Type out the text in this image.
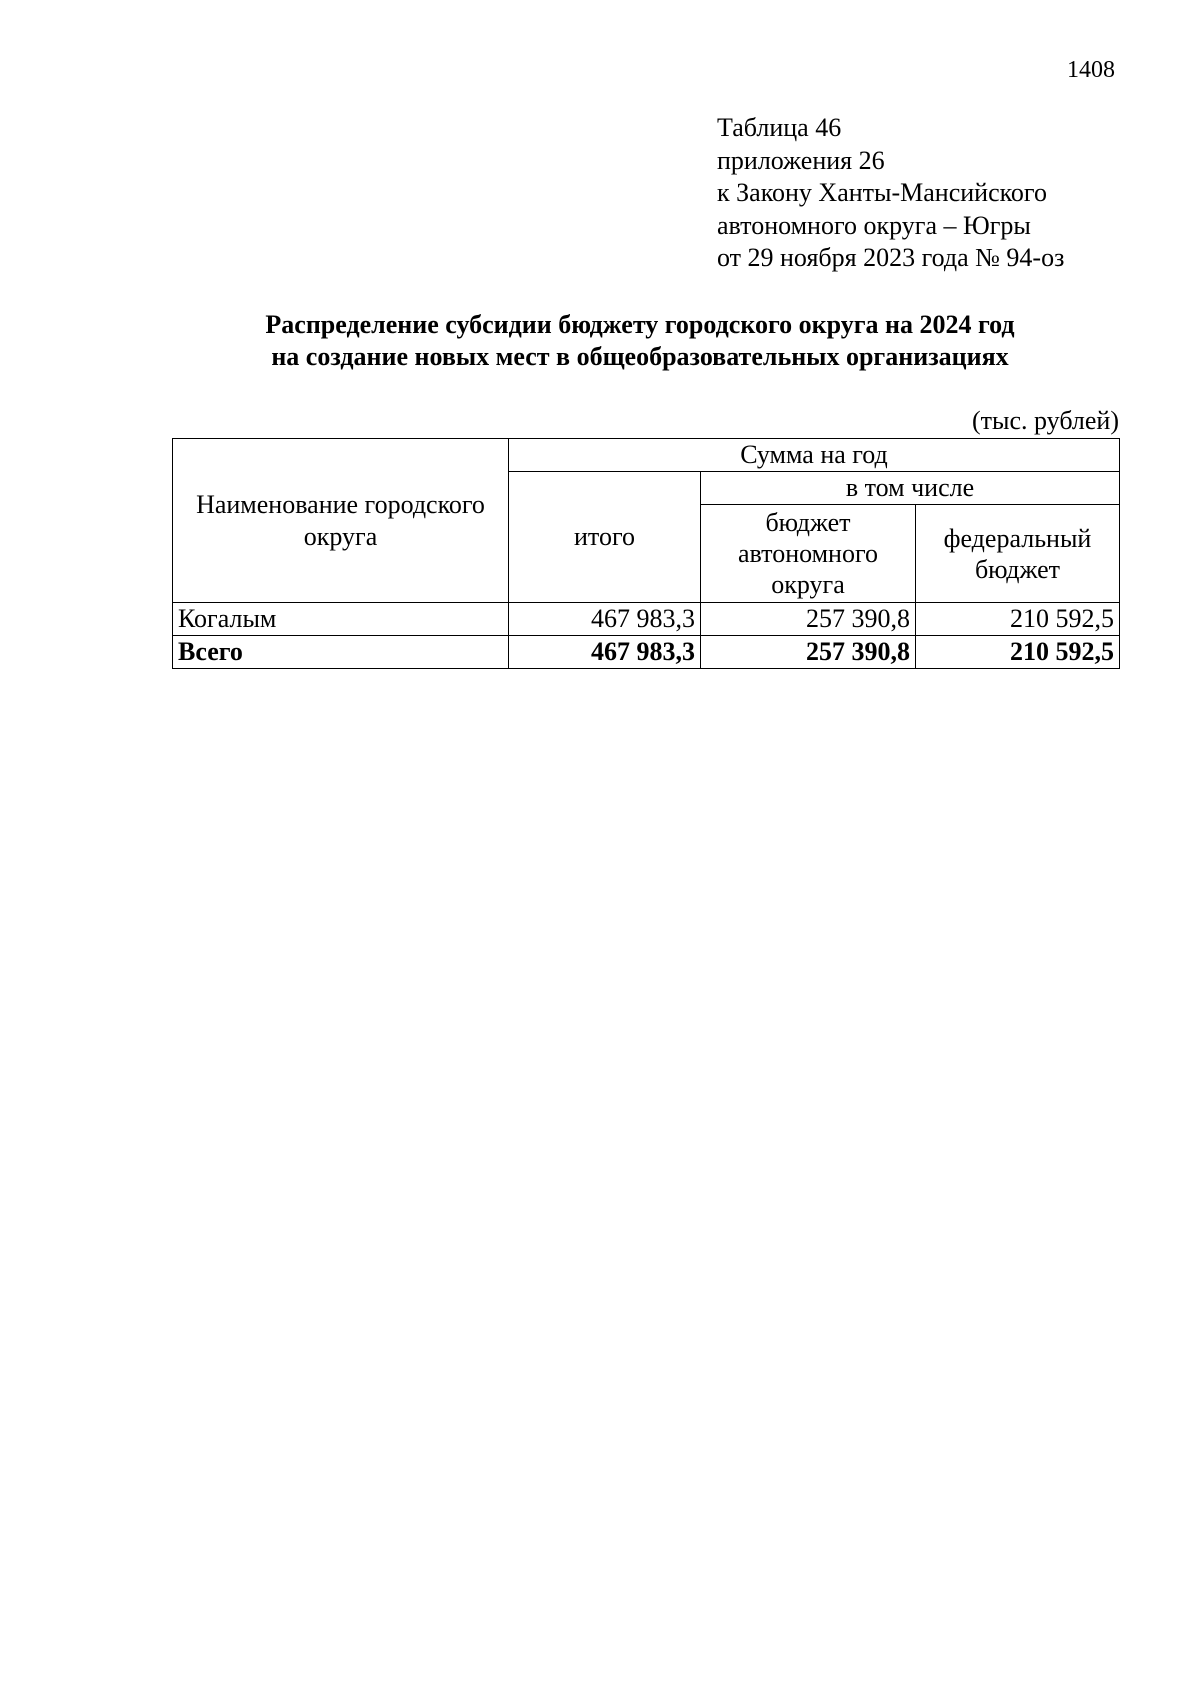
1408
Таблица 46
приложения 26
к Закону Ханты-Мансийского
автономного округа – Югры
от 29 ноября 2023 года № 94-оз
Распределение субсидии бюджету городского округа на 2024 год
на создание новых мест в общеобразовательных организациях
(тыс. рублей)
Наименование городского округа	Сумма на год		
	итого	в том числе	
		бюджет автономного округа	федеральный бюджет
Когалым	467 983,3	257 390,8	210 592,5
Всего	467 983,3	257 390,8	210 592,5
